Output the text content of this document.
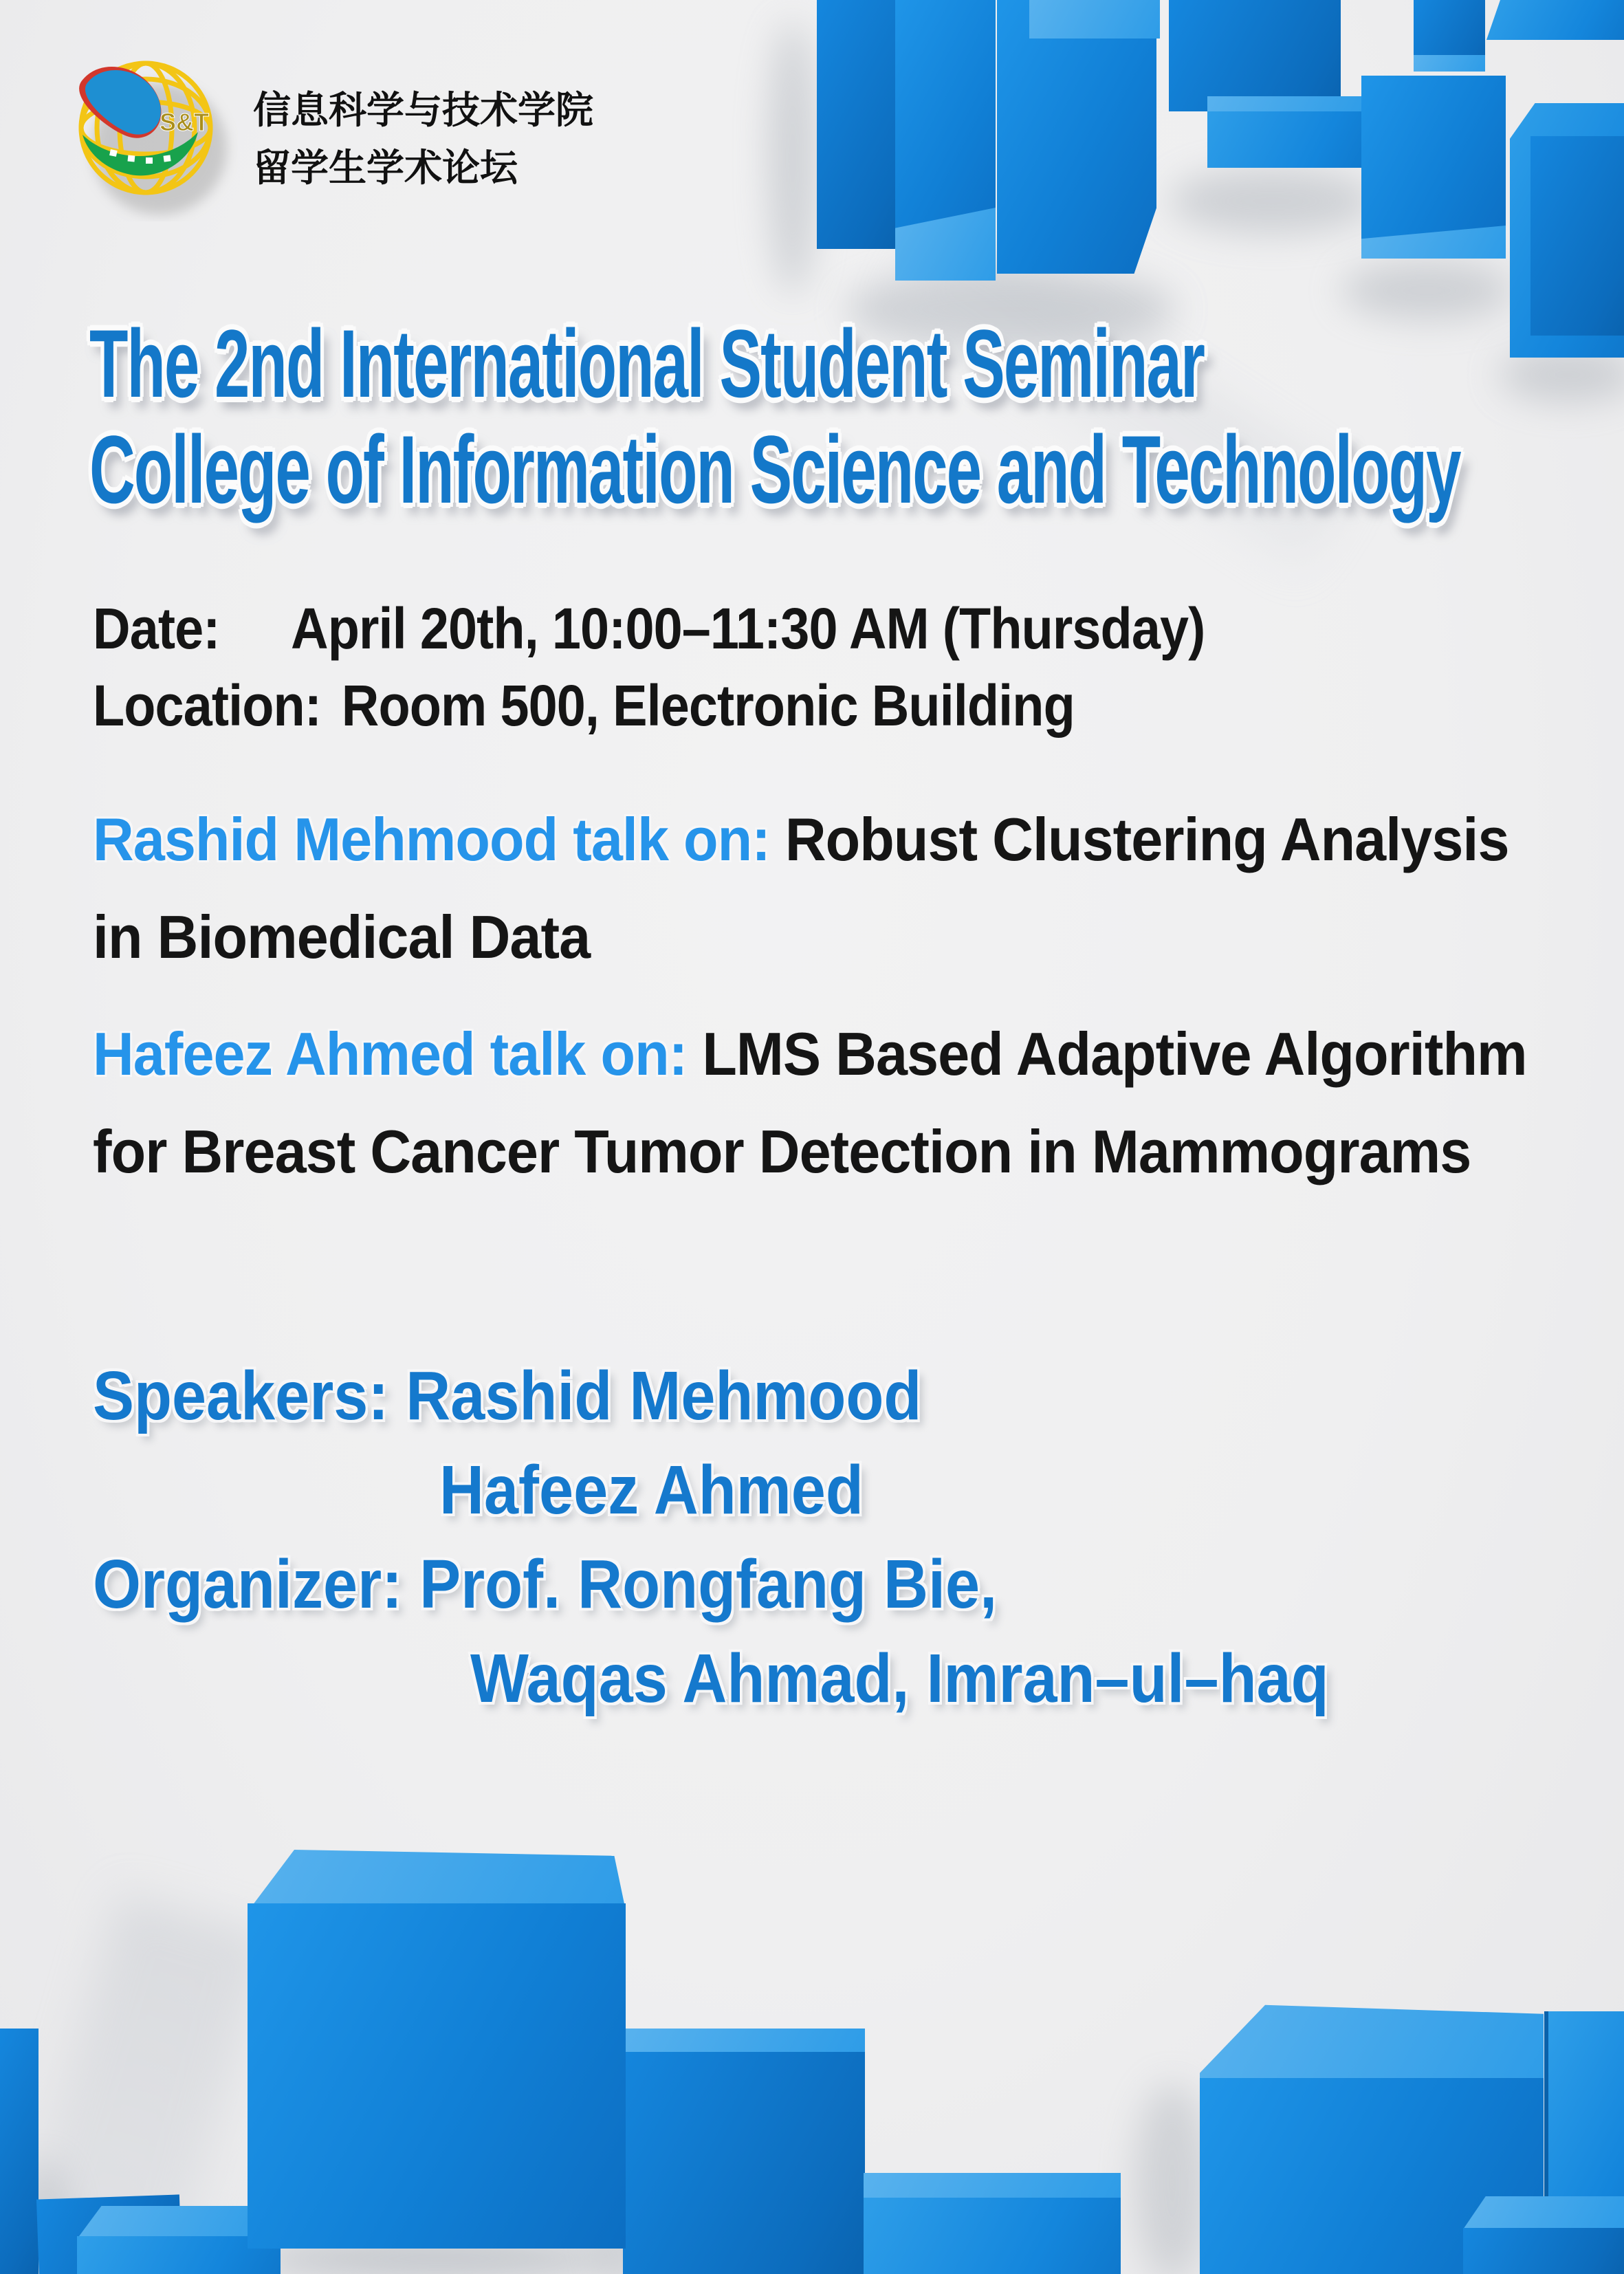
S&T 信息科学与技术学院
留学生学术论坛
The 2nd International Student Seminar
College of Information Science and Technology
Date: April 20th, 10:00–11:30 AM (Thursday)
Location: Room 500, Electronic Building
Rashid Mehmood talk on: Robust Clustering Analysis in Biomedical Data
Hafeez Ahmed talk on: LMS Based Adaptive Algorithm for Breast Cancer Tumor Detection in Mammograms
Speakers: Rashid Mehmood
Hafeez Ahmed
Organizer: Prof. Rongfang Bie,
Waqas Ahmad, Imran–ul–haq
